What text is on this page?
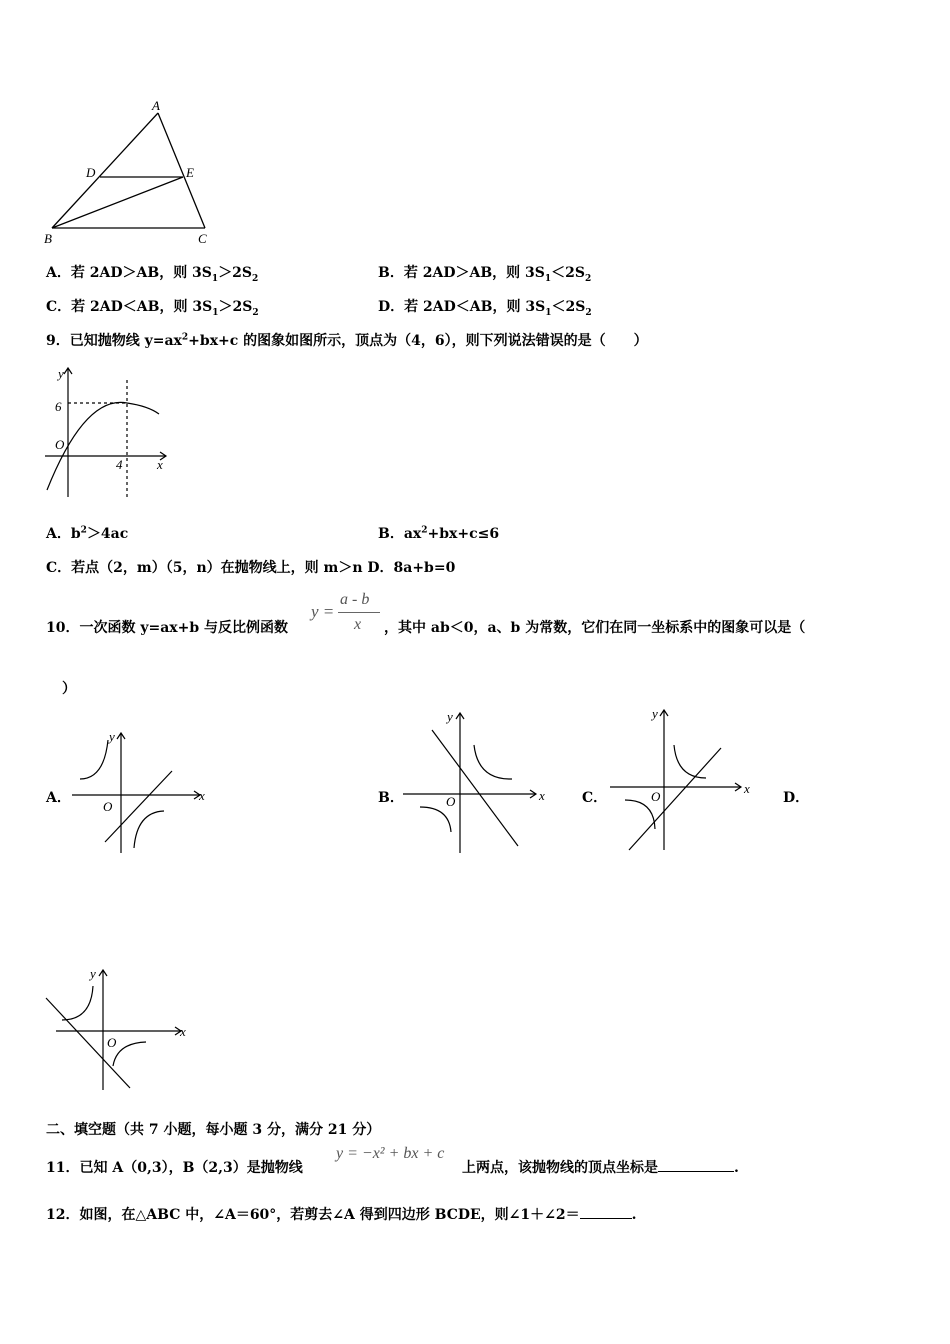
A
B	C
D	E
A．若 2AD＞AB，则 $3S_1>2S_2$	B．若 2AD＞AB，则 $3S_1<2S_2$
C．若 2AD＜AB，则 $3S_1>2S_2$	D．若 2AD＜AB，则 $3S_1<2S_2$
9．已知抛物线 $y=ax^2+bx+c$ 的图象如图所示，顶点为（4，6），则下列说法错误的是（　　）
y
6
O
4	x
A．$b^2>4ac$	B．$ax^2+bx+c\le 6$
C．若点（2，m）（5，n）在抛物线上，则 m＞n D．8a+b=0
10．一次函数 y=ax+b 与反比例函数
y =
a - b
x ，其中 ab＜0，a、b 为常数，它们在同一坐标系中的图象可以是（
）
A．	B．	C．	D．
y
O
x
y
O	x
y
O
x
y
O
x
二、填空题（共 7 小题，每小题 3 分，满分 21 分）
11．已知 A（0,3），B（2,3）是抛物线
y = −x² + bx + c
上两点，该抛物线的顶点坐标是	.
12．如图，在△ABC 中，∠A＝60°，若剪去∠A 得到四边形 BCDE，则∠1＋∠2＝	.
